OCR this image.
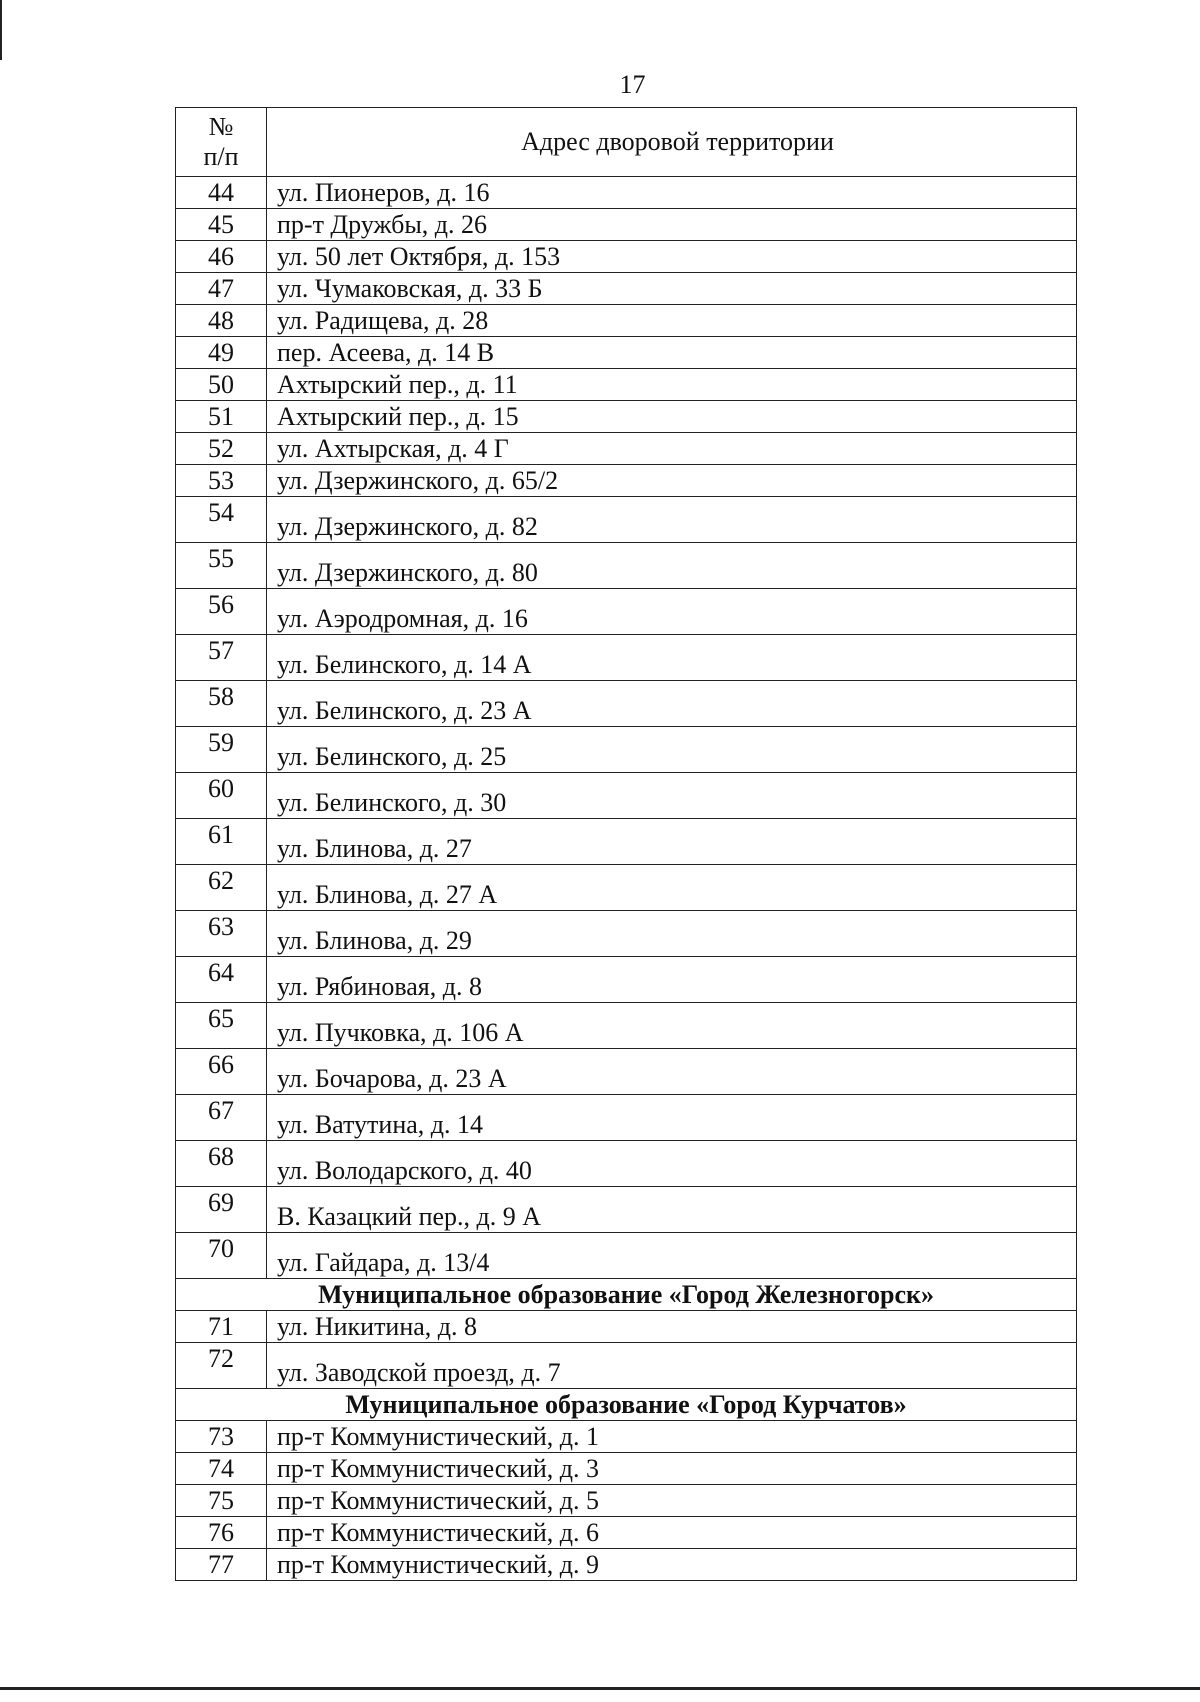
17
№
п/п	Адрес дворовой территории
44	ул. Пионеров, д. 16
45	пр-т Дружбы, д. 26
46	ул. 50 лет Октября, д. 153
47	ул. Чумаковская, д. 33 Б
48	ул. Радищева, д. 28
49	пер. Асеева, д. 14 В
50	Ахтырский пер., д. 11
51	Ахтырский пер., д. 15
52	ул. Ахтырская, д. 4 Г
53	ул. Дзержинского, д. 65/2
54	ул. Дзержинского, д. 82
55	ул. Дзержинского, д. 80
56	ул. Аэродромная, д. 16
57	ул. Белинского, д. 14 А
58	ул. Белинского, д. 23 А
59	ул. Белинского, д. 25
60	ул. Белинского, д. 30
61	ул. Блинова, д. 27
62	ул. Блинова, д. 27 А
63	ул. Блинова, д. 29
64	ул. Рябиновая, д. 8
65	ул. Пучковка, д. 106 А
66	ул. Бочарова, д. 23 А
67	ул. Ватутина, д. 14
68	ул. Володарского, д. 40
69	В. Казацкий пер., д. 9 А
70	ул. Гайдара, д. 13/4
Муниципальное образование «Город Железногорск»	
71	ул. Никитина, д. 8
72	ул. Заводской проезд, д. 7
Муниципальное образование «Город Курчатов»	
73	пр-т Коммунистический, д. 1
74	пр-т Коммунистический, д. 3
75	пр-т Коммунистический, д. 5
76	пр-т Коммунистический, д. 6
77	пр-т Коммунистический, д. 9
